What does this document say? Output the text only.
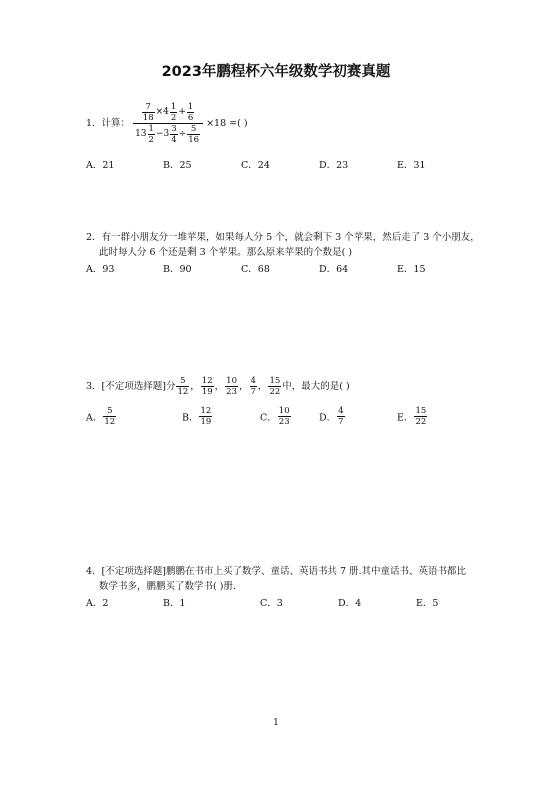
2023年鹏程杯六年级数学初赛真题
1．计算： $\frac{\frac{7}{18} \times 4 \frac{1}{2} + \frac{1}{6}}{13 \frac{1}{2} - 3 \frac{3}{4} \div \frac{5}{16}} \times 18$ =( )
A．21	B．25	C．24	D．23	E．31
2．有一群小朋友分一堆苹果，如果每人分 5 个，就会剩下 3 个苹果，然后走了 3 个小朋友，
此时每人分 6 个还是剩 3 个苹果。那么原来苹果的个数是( )
A．93	B．90	C．68	D．64	E．15
3．[不定项选择题]分 $\frac{5}{12}$ ， $\frac{12}{19}$ ， $\frac{10}{23}$ ， $\frac{4}{7}$ ， $\frac{15}{22}$ 中，最大的是( )
A． $\frac{5}{12}$	B． $\frac{12}{19}$	C． $\frac{10}{23}$	D． $\frac{4}{7}$	E． $\frac{15}{22}$
4．[不定项选择题]鹏鹏在书市上买了数学、童话、英语书共 7 册.其中童话书、英语书都比
数学书多，鹏鹏买了数学书( )册.
A．2	B．1	C．3	D．4	E．5
1
